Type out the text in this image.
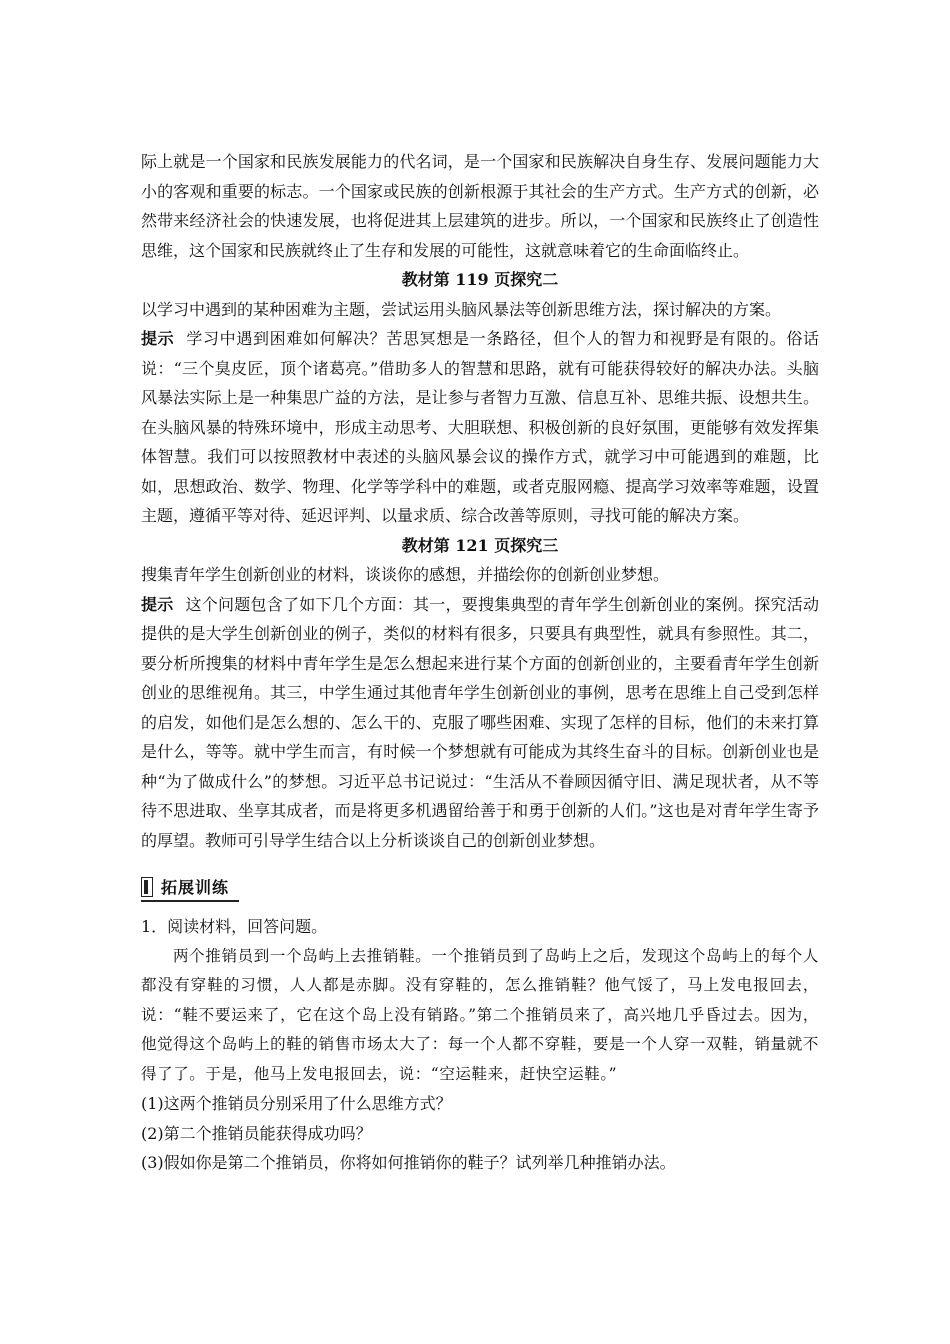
际上就是一个国家和民族发展能力的代名词，是一个国家和民族解决自身生存、发展问题能力大小的客观和重要的标志。一个国家或民族的创新根源于其社会的生产方式。生产方式的创新，必然带来经济社会的快速发展，也将促进其上层建筑的进步。所以，一个国家和民族终止了创造性思维，这个国家和民族就终止了生存和发展的可能性，这就意味着它的生命面临终止。

教材第 119 页探究二

以学习中遇到的某种困难为主题，尝试运用头脑风暴法等创新思维方法，探讨解决的方案。

提示 学习中遇到困难如何解决？苦思冥想是一条路径，但个人的智力和视野是有限的。俗话说：“三个臭皮匠，顶个诸葛亮。”借助多人的智慧和思路，就有可能获得较好的解决办法。头脑风暴法实际上是一种集思广益的方法，是让参与者智力互激、信息互补、思维共振、设想共生。在头脑风暴的特殊环境中，形成主动思考、大胆联想、积极创新的良好氛围，更能够有效发挥集体智慧。我们可以按照教材中表述的头脑风暴会议的操作方式，就学习中可能遇到的难题，比如，思想政治、数学、物理、化学等学科中的难题，或者克服网瘾、提高学习效率等难题，设置主题，遵循平等对待、延迟评判、以量求质、综合改善等原则，寻找可能的解决方案。

教材第 121 页探究三

搜集青年学生创新创业的材料，谈谈你的感想，并描绘你的创新创业梦想。

提示 这个问题包含了如下几个方面：其一，要搜集典型的青年学生创新创业的案例。探究活动提供的是大学生创新创业的例子，类似的材料有很多，只要具有典型性，就具有参照性。其二，要分析所搜集的材料中青年学生是怎么想起来进行某个方面的创新创业的，主要看青年学生创新创业的思维视角。其三，中学生通过其他青年学生创新创业的事例，思考在思维上自己受到怎样的启发，如他们是怎么想的、怎么干的、克服了哪些困难、实现了怎样的目标，他们的未来打算是什么，等等。就中学生而言，有时候一个梦想就有可能成为其终生奋斗的目标。创新创业也是种“为了做成什么”的梦想。习近平总书记说过：“生活从不眷顾因循守旧、满足现状者，从不等待不思进取、坐享其成者，而是将更多机遇留给善于和勇于创新的人们。”这也是对青年学生寄予的厚望。教师可引导学生结合以上分析谈谈自己的创新创业梦想。

拓展训练

1．阅读材料，回答问题。

两个推销员到一个岛屿上去推销鞋。一个推销员到了岛屿上之后，发现这个岛屿上的每个人都没有穿鞋的习惯，人人都是赤脚。没有穿鞋的，怎么推销鞋？他气馁了，马上发电报回去，说：“鞋不要运来了，它在这个岛上没有销路。”第二个推销员来了，高兴地几乎昏过去。因为，他觉得这个岛屿上的鞋的销售市场太大了：每一个人都不穿鞋，要是一个人穿一双鞋，销量就不得了了。于是，他马上发电报回去，说：“空运鞋来，赶快空运鞋。”

(1)这两个推销员分别采用了什么思维方式？

(2)第二个推销员能获得成功吗？

(3)假如你是第二个推销员，你将如何推销你的鞋子？试列举几种推销办法。
